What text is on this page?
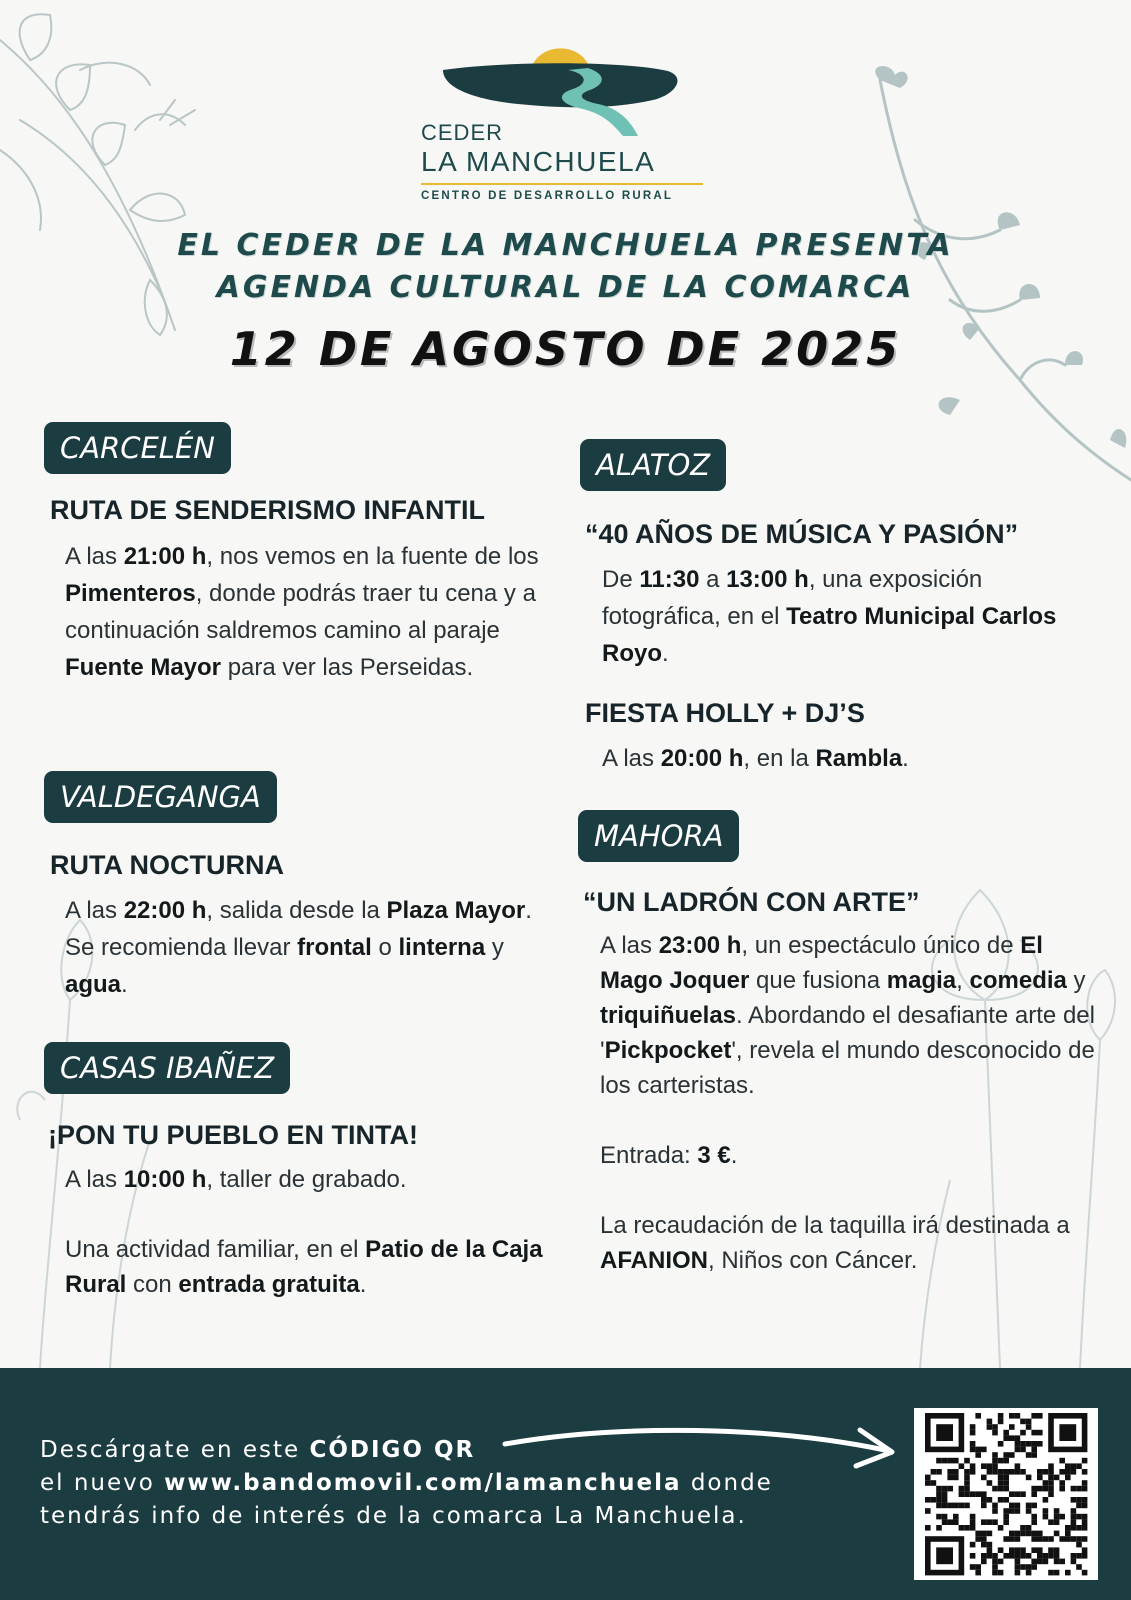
CEDER
LA MANCHUELA
CENTRO DE DESARROLLO RURAL
EL CEDER DE LA MANCHUELA PRESENTA
AGENDA CULTURAL DE LA COMARCA
12 DE AGOSTO DE 2025
CARCELÉN
RUTA DE SENDERISMO INFANTIL
A las 21:00 h, nos vemos en la fuente de los Pimenteros, donde podrás traer tu cena y a continuación saldremos camino al paraje Fuente Mayor para ver las Perseidas.
VALDEGANGA
RUTA NOCTURNA
A las 22:00 h, salida desde la Plaza Mayor. Se recomienda llevar frontal o linterna y agua.
CASAS IBAÑEZ
¡PON TU PUEBLO EN TINTA!
A las 10:00 h, taller de grabado.
Una actividad familiar, en el Patio de la Caja Rural con entrada gratuita.
ALATOZ
“40 AÑOS DE MÚSICA Y PASIÓN”
De 11:30 a 13:00 h, una exposición fotográfica, en el Teatro Municipal Carlos Royo.
FIESTA HOLLY + DJ’S
A las 20:00 h, en la Rambla.
MAHORA
“UN LADRÓN CON ARTE”
A las 23:00 h, un espectáculo único de El Mago Joquer que fusiona magia, comedia y triquiñuelas. Abordando el desafiante arte del 'Pickpocket', revela el mundo desconocido de los carteristas.
Entrada: 3 €.
La recaudación de la taquilla irá destinada a AFANION, Niños con Cáncer.
Descárgate en este CÓDIGO QR
el nuevo www.bandomovil.com/lamanchuela donde
tendrás info de interés de la comarca La Manchuela.
